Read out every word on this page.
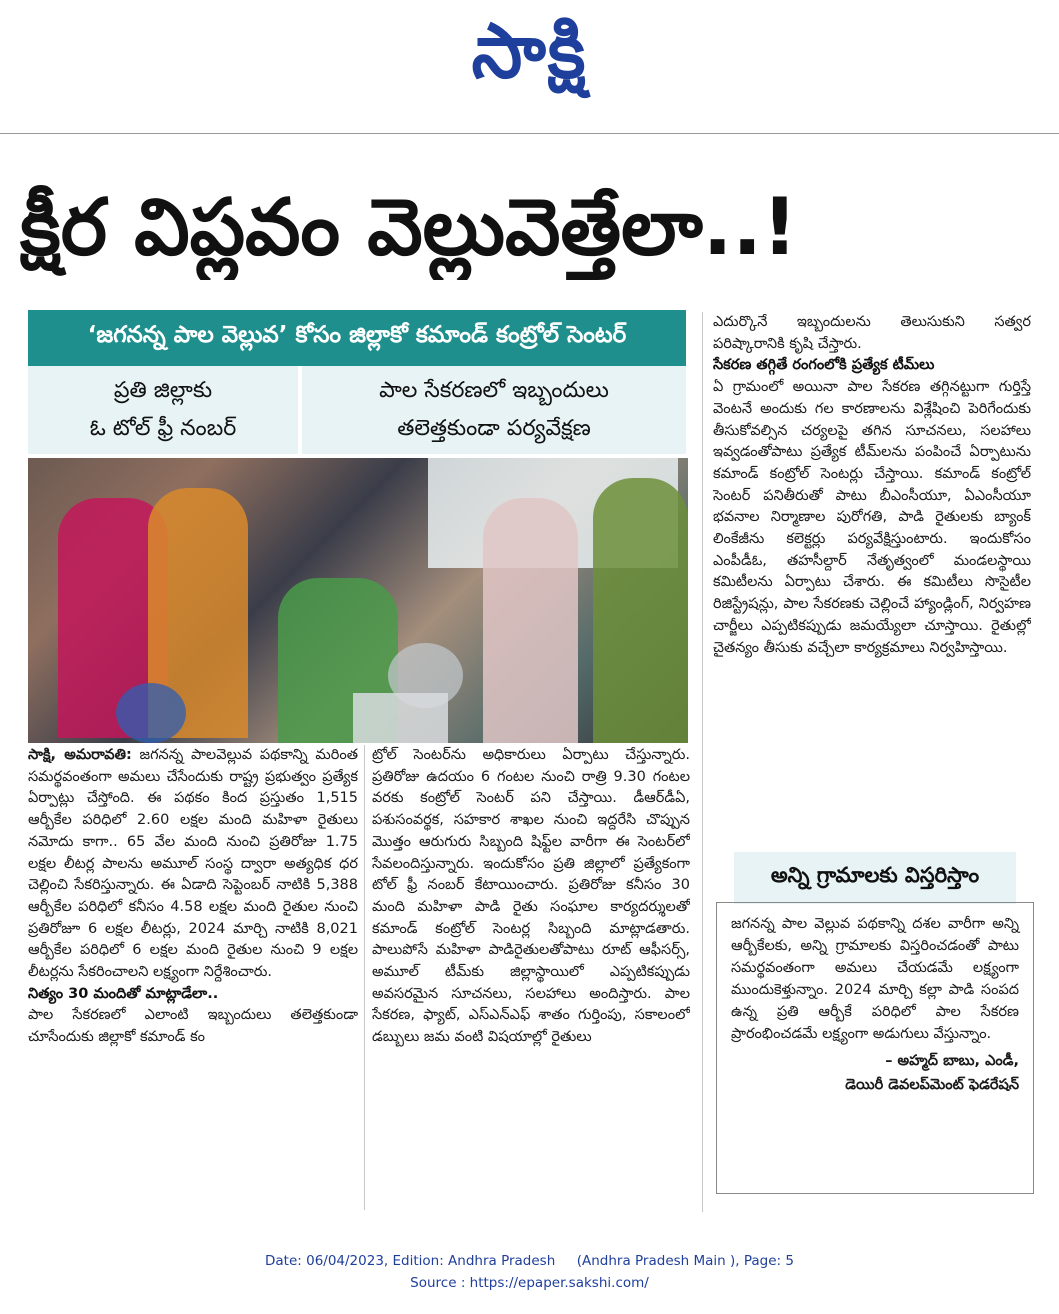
సాక్షి
క్షీర విప్లవం వెల్లువెత్తేలా..!
‘జగనన్న పాల వెల్లువ’ కోసం జిల్లాకో కమాండ్ కంట్రోల్ సెంటర్
ప్రతి జిల్లాకు
ఓ టోల్ ఫ్రీ నంబర్
పాల సేకరణలో ఇబ్బందులు
తలెత్తకుండా పర్యవేక్షణ

సాక్షి, అమరావతి: జగనన్న పాలవెల్లువ పథకాన్ని మరింత సమర్థవంతంగా అమలు చేసేందుకు రాష్ట్ర ప్రభుత్వం ప్రత్యేక ఏర్పాట్లు చేస్తోంది. ఈ పథకం కింద ప్రస్తుతం 1,515 ఆర్బీకేల పరిధిలో 2.60 లక్షల మంది మహిళా రైతులు నమోదు కాగా.. 65 వేల మంది నుంచి ప్రతిరోజు 1.75 లక్షల లీటర్ల పాలను అమూల్ సంస్థ ద్వారా అత్యధిక ధర చెల్లించి సేకరిస్తున్నారు. ఈ ఏడాది సెప్టెంబర్ నాటికి 5,388 ఆర్బీకేల పరిధిలో కనీసం 4.58 లక్షల మంది రైతుల నుంచి ప్రతిరోజూ 6 లక్షల లీటర్లు, 2024 మార్చి నాటికి 8,021 ఆర్బీకేల పరిధిలో 6 లక్షల మంది రైతుల నుంచి 9 లక్షల లీటర్లను సేకరించాలని లక్ష్యంగా నిర్దేశించారు.

నిత్యం 30 మందితో మాట్లాడేలా..

పాల సేకరణలో ఎలాంటి ఇబ్బందులు తలెత్తకుండా చూసేందుకు జిల్లాకో కమాండ్ కం

ట్రోల్ సెంటర్‌ను అధికారులు ఏర్పాటు చేస్తున్నారు. ప్రతిరోజు ఉదయం 6 గంటల నుంచి రాత్రి 9.30 గంటల వరకు కంట్రోల్ సెంటర్ పని చేస్తాయి. డీఆర్‌డీఏ, పశుసంవర్థక, సహకార శాఖల నుంచి ఇద్దరేసి చొప్పున మొత్తం ఆరుగురు సిబ్బంది షిఫ్ట్‌ల వారీగా ఈ సెంటర్‌లో సేవలందిస్తున్నారు. ఇందుకోసం ప్రతి జిల్లాలో ప్రత్యేకంగా టోల్ ఫ్రీ నంబర్ కేటాయించారు. ప్రతిరోజు కనీసం 30 మంది మహిళా పాడి రైతు సంఘాల కార్యదర్శులతో కమాండ్ కంట్రోల్ సెంటర్ల సిబ్బంది మాట్లాడతారు. పాలుపోసే మహిళా పాడిరైతులతోపాటు రూట్ ఆఫీసర్స్, అమూల్ టీమ్‌కు జిల్లాస్థాయిలో ఎప్పటికప్పుడు అవసరమైన సూచనలు, సలహాలు అందిస్తారు. పాల సేకరణ, ఫ్యాట్, ఎస్‌ఎన్‌ఎఫ్ శాతం గుర్తింపు, సకాలంలో డబ్బులు జమ వంటి విషయాల్లో రైతులు

ఎదుర్కొనే ఇబ్బందులను తెలుసుకుని సత్వర పరిష్కారానికి కృషి చేస్తారు.

సేకరణ తగ్గితే రంగంలోకి ప్రత్యేక టీమ్‌లు

ఏ గ్రామంలో అయినా పాల సేకరణ తగ్గినట్టుగా గుర్తిస్తే వెంటనే అందుకు గల కారణాలను విశ్లేషించి పెరిగేందుకు తీసుకోవల్సిన చర్యలపై తగిన సూచనలు, సలహాలు ఇవ్వడంతోపాటు ప్రత్యేక టీమ్‌లను పంపించే ఏర్పాటును కమాండ్ కంట్రోల్ సెంటర్లు చేస్తాయి. కమాండ్ కంట్రోల్ సెంటర్ పనితీరుతో పాటు బీఎంసీయూ, ఏఎంసీయూ భవనాల నిర్మాణాల పురోగతి, పాడి రైతులకు బ్యాంక్ లింకేజీను కలెక్టర్లు పర్యవేక్షిస్తుంటారు. ఇందుకోసం ఎంపీడీఓ, తహసీల్దార్ నేతృత్వంలో మండలస్థాయి కమిటీలను ఏర్పాటు చేశారు. ఈ కమిటీలు సొసైటీల రిజిస్ట్రేషన్లు, పాల సేకరణకు చెల్లించే హ్యాండ్లింగ్, నిర్వహణ చార్జీలు ఎప్పటికప్పుడు జమయ్యేలా చూస్తాయి. రైతుల్లో చైతన్యం తీసుకు వచ్చేలా కార్యక్రమాలు నిర్వహిస్తాయి.

అన్ని గ్రామాలకు విస్తరిస్తాం
జగనన్న పాల వెల్లువ పథకాన్ని దశల వారీగా అన్ని ఆర్బీకేలకు, అన్ని గ్రామాలకు విస్తరించడంతో పాటు సమర్థవంతంగా అమలు చేయడమే లక్ష్యంగా ముందుకెళ్తున్నాం. 2024 మార్చి కల్లా పాడి సంపద ఉన్న ప్రతి ఆర్బీకే పరిధిలో పాల సేకరణ ప్రారంభించడమే లక్ష్యంగా అడుగులు వేస్తున్నాం.
– అహ్మద్ బాబు, ఎండీ,
డెయిరీ డెవలప్‌మెంట్ ఫెడరేషన్
Date: 06/04/2023, Edition: Andhra Pradesh     (Andhra Pradesh Main ), Page: 5
Source : https://epaper.sakshi.com/
